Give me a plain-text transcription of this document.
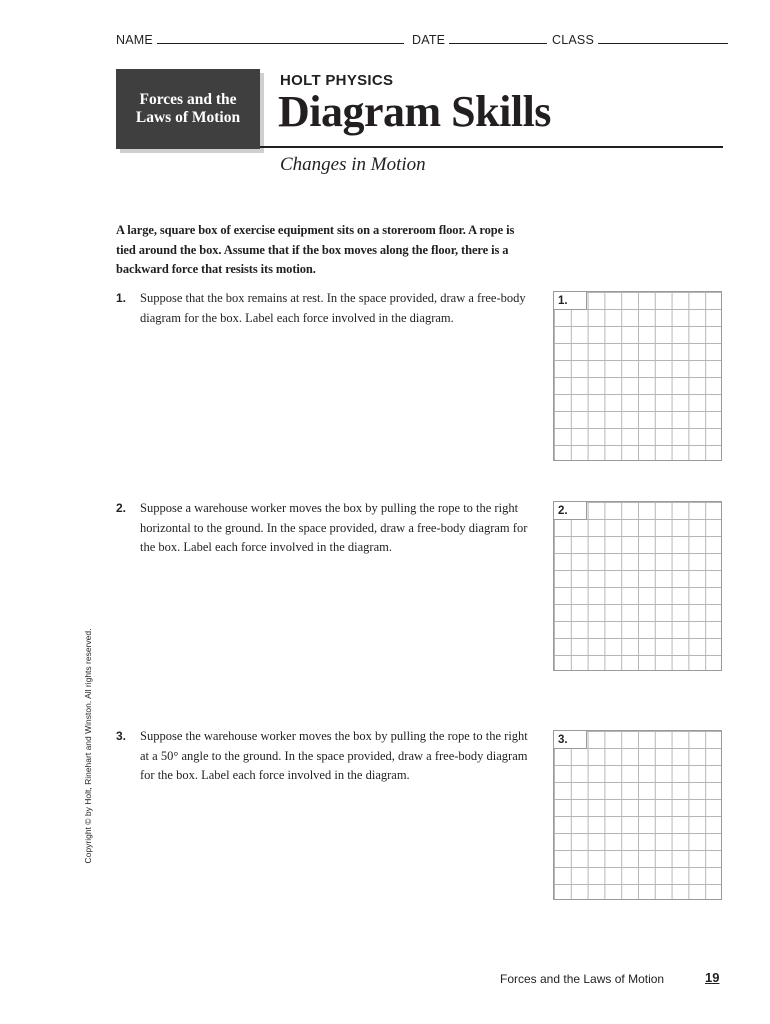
NAME	DATE	CLASS
Forces and the
Laws of Motion
HOLT PHYSICS
Diagram Skills
Changes in Motion
A large, square box of exercise equipment sits on a storeroom floor. A rope is tied around the box. Assume that if the box moves along the floor, there is a backward force that resists its motion.
1. Suppose that the box remains at rest. In the space provided, draw a free-body diagram for the box. Label each force involved in the diagram.
1.
2. Suppose a warehouse worker moves the box by pulling the rope to the right horizontal to the ground. In the space provided, draw a free-body diagram for the box. Label each force involved in the diagram.
2.
3. Suppose the warehouse worker moves the box by pulling the rope to the right at a 50° angle to the ground. In the space provided, draw a free-body diagram for the box. Label each force involved in the diagram.
3.
Copyright © by Holt, Rinehart and Winston. All rights reserved.
Forces and the Laws of Motion	19
